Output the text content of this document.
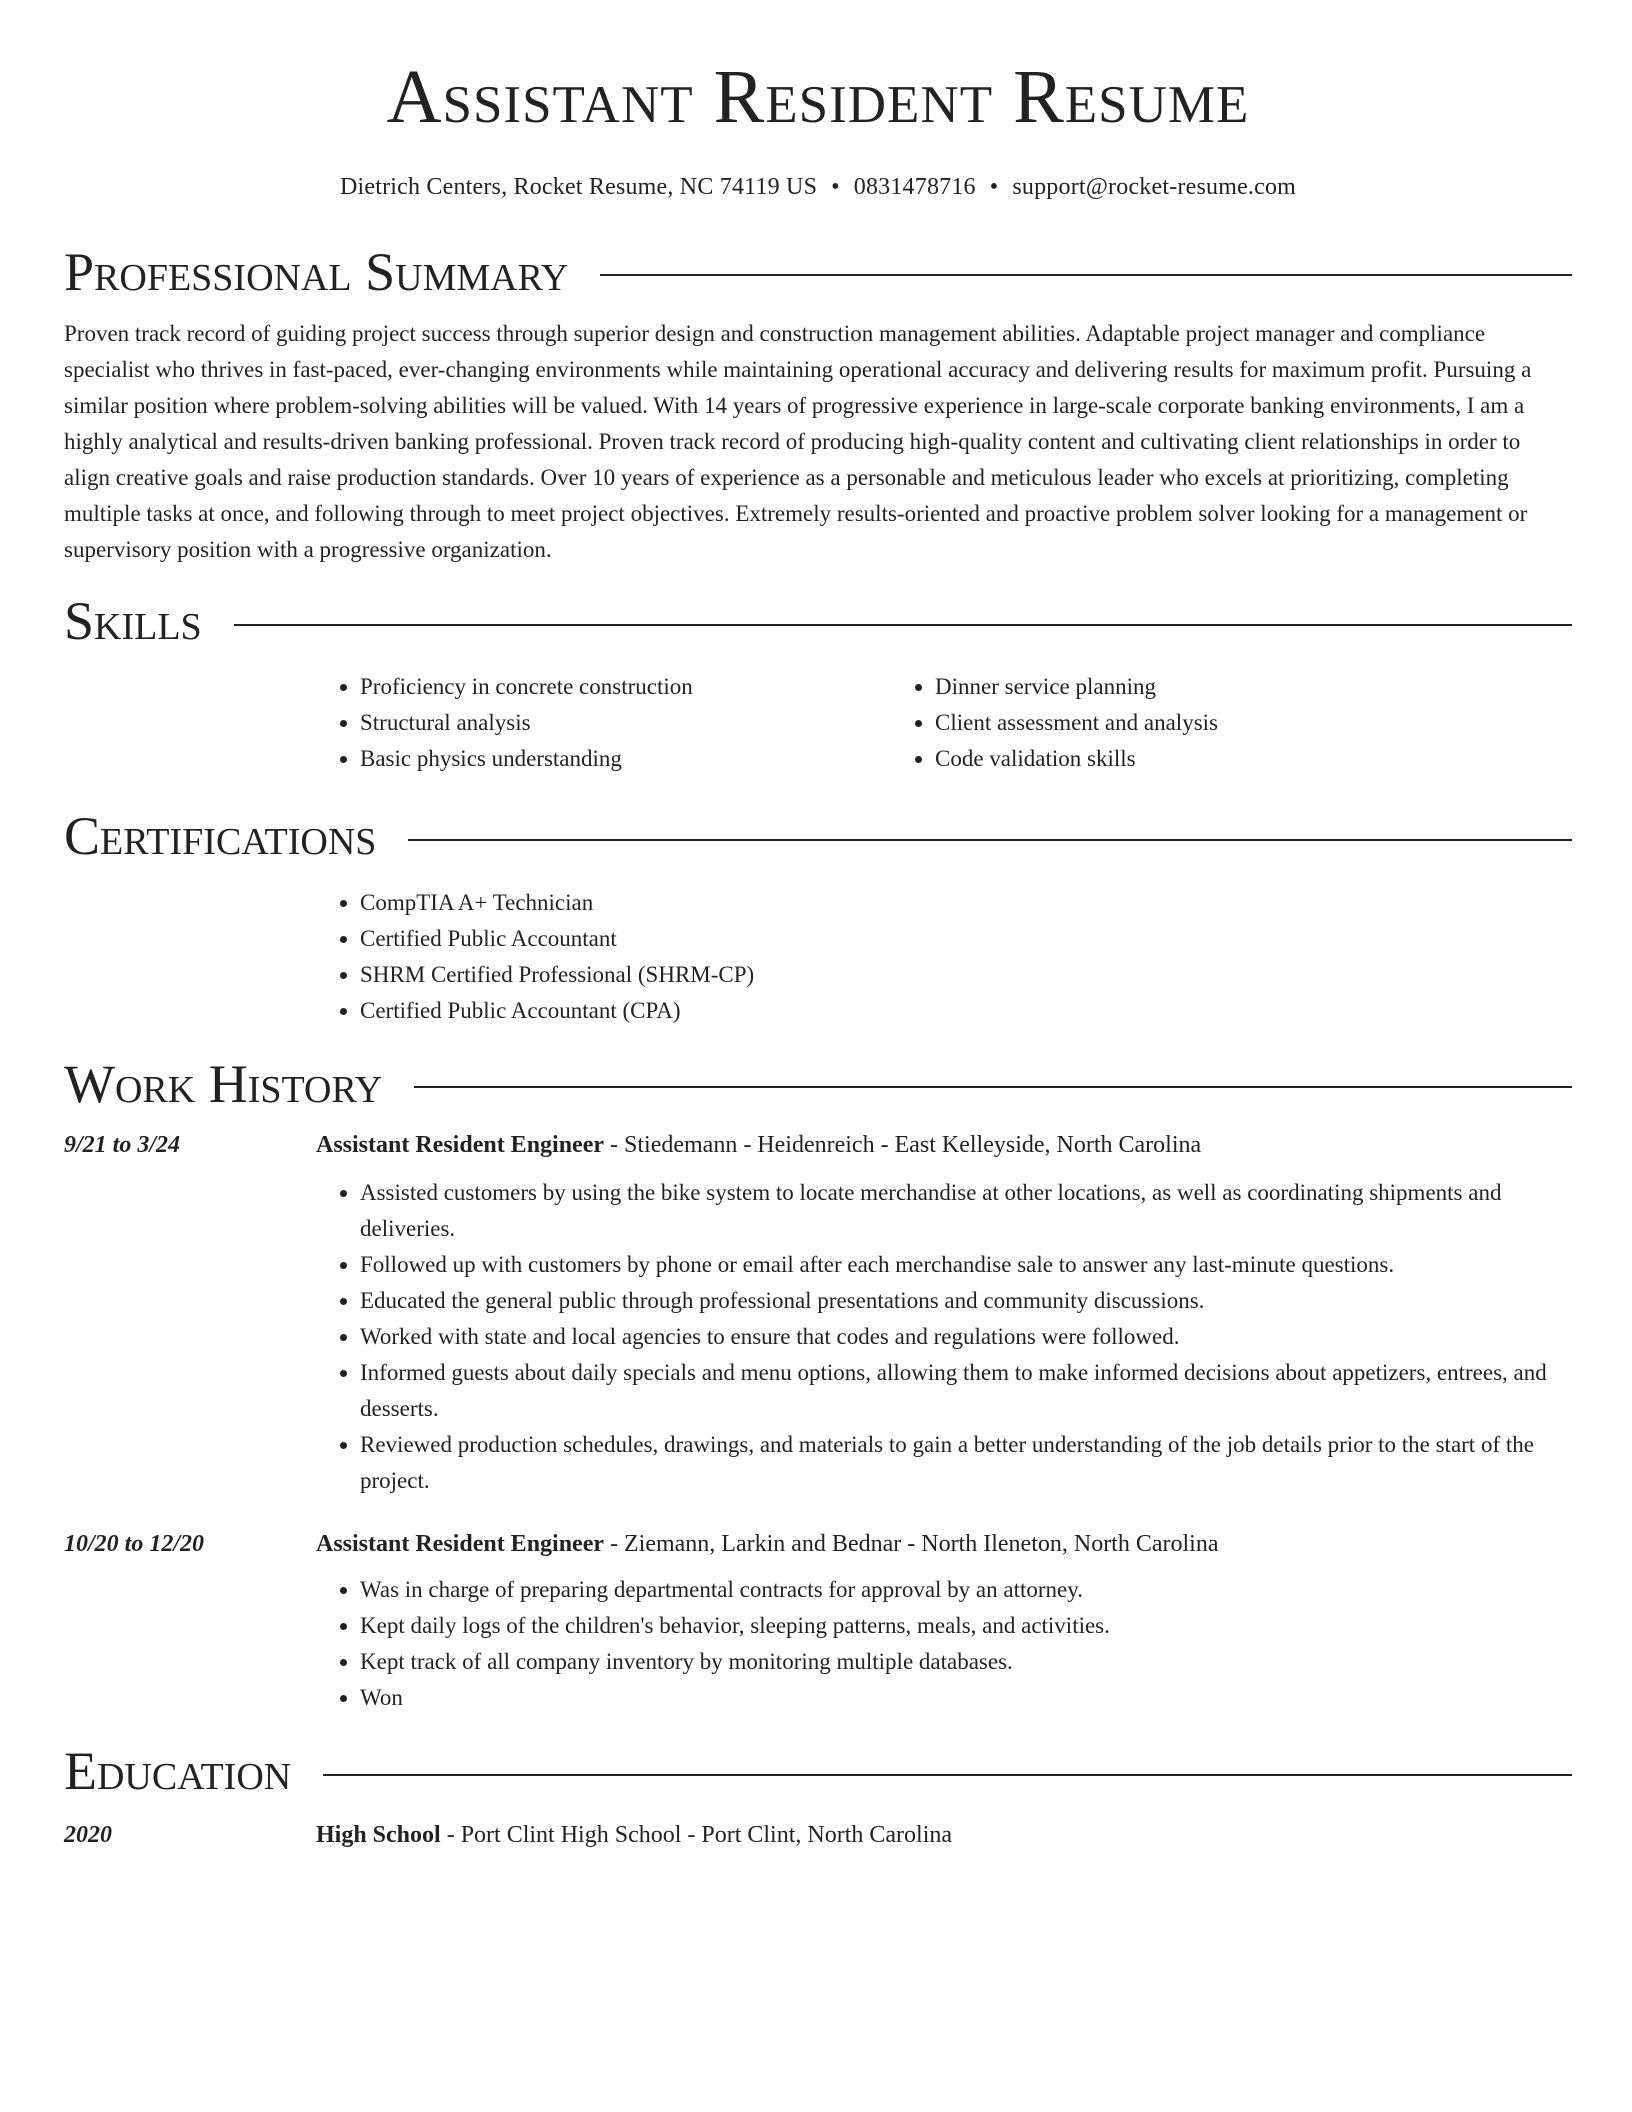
Assistant Resident Resume
Dietrich Centers, Rocket Resume, NC 74119 US • 0831478716 • support@rocket-resume.com
Professional Summary

Proven track record of guiding project success through superior design and construction management abilities. Adaptable project manager and compliance specialist who thrives in fast-paced, ever-changing environments while maintaining operational accuracy and delivering results for maximum profit. Pursuing a similar position where problem-solving abilities will be valued. With 14 years of progressive experience in large-scale corporate banking environments, I am a highly analytical and results-driven banking professional. Proven track record of producing high-quality content and cultivating client relationships in order to align creative goals and raise production standards. Over 10 years of experience as a personable and meticulous leader who excels at prioritizing, completing multiple tasks at once, and following through to meet project objectives. Extremely results-oriented and proactive problem solver looking for a management or supervisory position with a progressive organization.

Skills
• Proficiency in concrete construction
• Structural analysis
• Basic physics understanding
• Dinner service planning
• Client assessment and analysis
• Code validation skills
Certifications
• CompTIA A+ Technician
• Certified Public Accountant
• SHRM Certified Professional (SHRM-CP)
• Certified Public Accountant (CPA)
Work History
9/21 to 3/24	Assistant Resident Engineer - Stiedemann - Heidenreich - East Kelleyside, North Carolina
• Assisted customers by using the bike system to locate merchandise at other locations, as well as coordinating shipments and deliveries.
• Followed up with customers by phone or email after each merchandise sale to answer any last-minute questions.
• Educated the general public through professional presentations and community discussions.
• Worked with state and local agencies to ensure that codes and regulations were followed.
• Informed guests about daily specials and menu options, allowing them to make informed decisions about appetizers, entrees, and desserts.
• Reviewed production schedules, drawings, and materials to gain a better understanding of the job details prior to the start of the project.
10/20 to 12/20	Assistant Resident Engineer - Ziemann, Larkin and Bednar - North Ileneton, North Carolina
• Was in charge of preparing departmental contracts for approval by an attorney.
• Kept daily logs of the children's behavior, sleeping patterns, meals, and activities.
• Kept track of all company inventory by monitoring multiple databases.
• Won
Education
2020	High School - Port Clint High School - Port Clint, North Carolina
